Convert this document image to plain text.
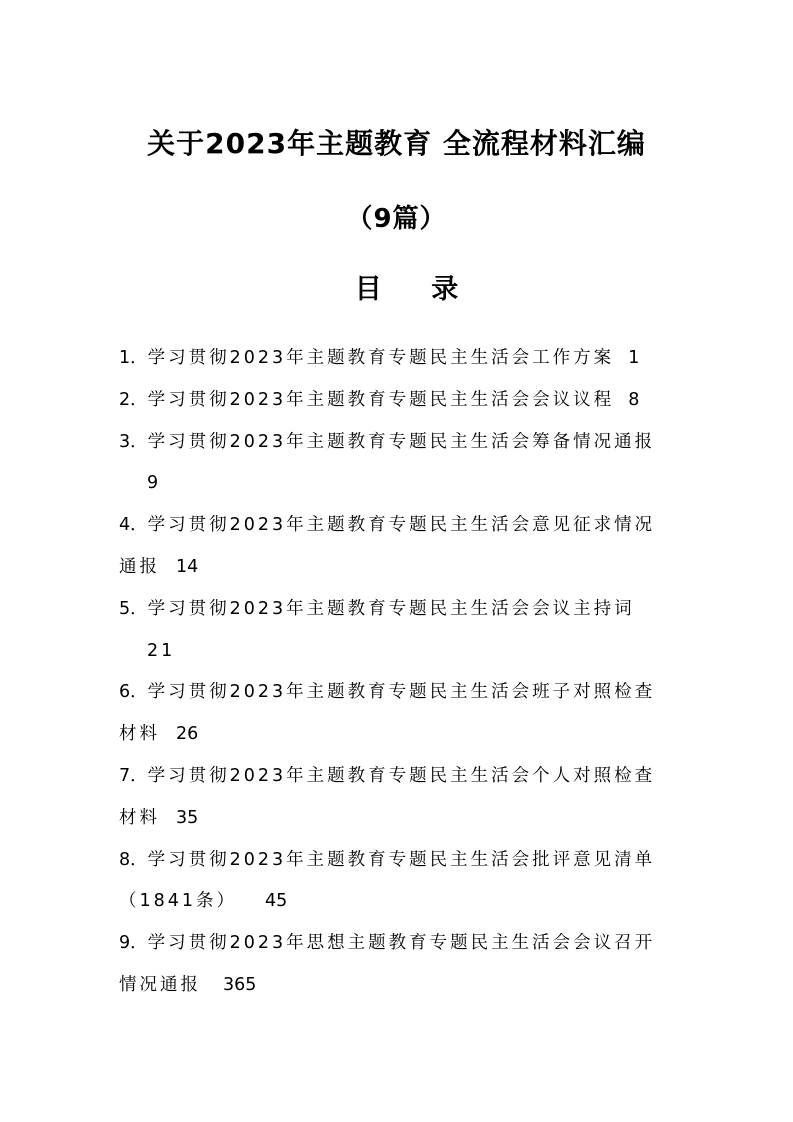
关于2023年主题教育 全流程材料汇编
（9篇）
目 录
1．学习贯彻2023年主题教育专题民主生活会工作方案 1
2．学习贯彻2023年主题教育专题民主生活会会议议程 8
3．学习贯彻2023年主题教育专题民主生活会筹备情况通报
9
4．学习贯彻2023年主题教育专题民主生活会意见征求情况
通报 14
5．学习贯彻2023年主题教育专题民主生活会会议主持词
21
6．学习贯彻2023年主题教育专题民主生活会班子对照检查
材料 26
7．学习贯彻2023年主题教育专题民主生活会个人对照检查
材料 35
8．学习贯彻2023年主题教育专题民主生活会批评意见清单
（1841条） 45
9．学习贯彻2023年思想主题教育专题民主生活会会议召开
情况通报 365
